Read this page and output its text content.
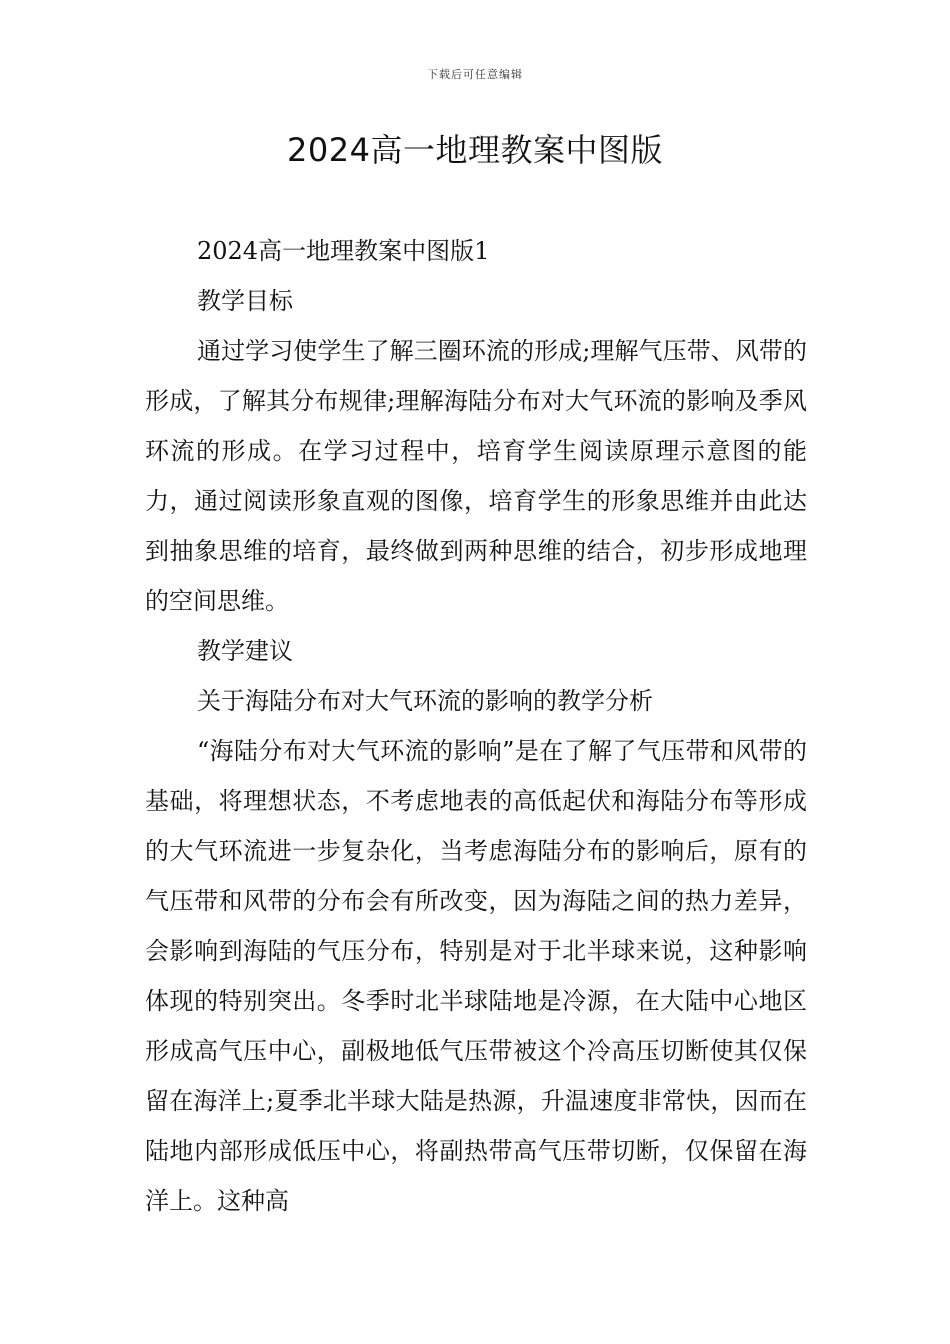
下载后可任意编辑
2024高一地理教案中图版

2024高一地理教案中图版1

教学目标

通过学习使学生了解三圈环流的形成;理解气压带、风带的形成，了解其分布规律;理解海陆分布对大气环流的影响及季风环流的形成。在学习过程中，培育学生阅读原理示意图的能力，通过阅读形象直观的图像，培育学生的形象思维并由此达到抽象思维的培育，最终做到两种思维的结合，初步形成地理的空间思维。

教学建议

关于海陆分布对大气环流的影响的教学分析

“海陆分布对大气环流的影响”是在了解了气压带和风带的基础，将理想状态，不考虑地表的高低起伏和海陆分布等形成的大气环流进一步复杂化，当考虑海陆分布的影响后，原有的气压带和风带的分布会有所改变，因为海陆之间的热力差异，会影响到海陆的气压分布，特别是对于北半球来说，这种影响体现的特别突出。冬季时北半球陆地是冷源，在大陆中心地区形成高气压中心，副极地低气压带被这个冷高压切断使其仅保留在海洋上;夏季北半球大陆是热源，升温速度非常快，因而在陆地内部形成低压中心，将副热带高气压带切断，仅保留在海洋上。这种高
